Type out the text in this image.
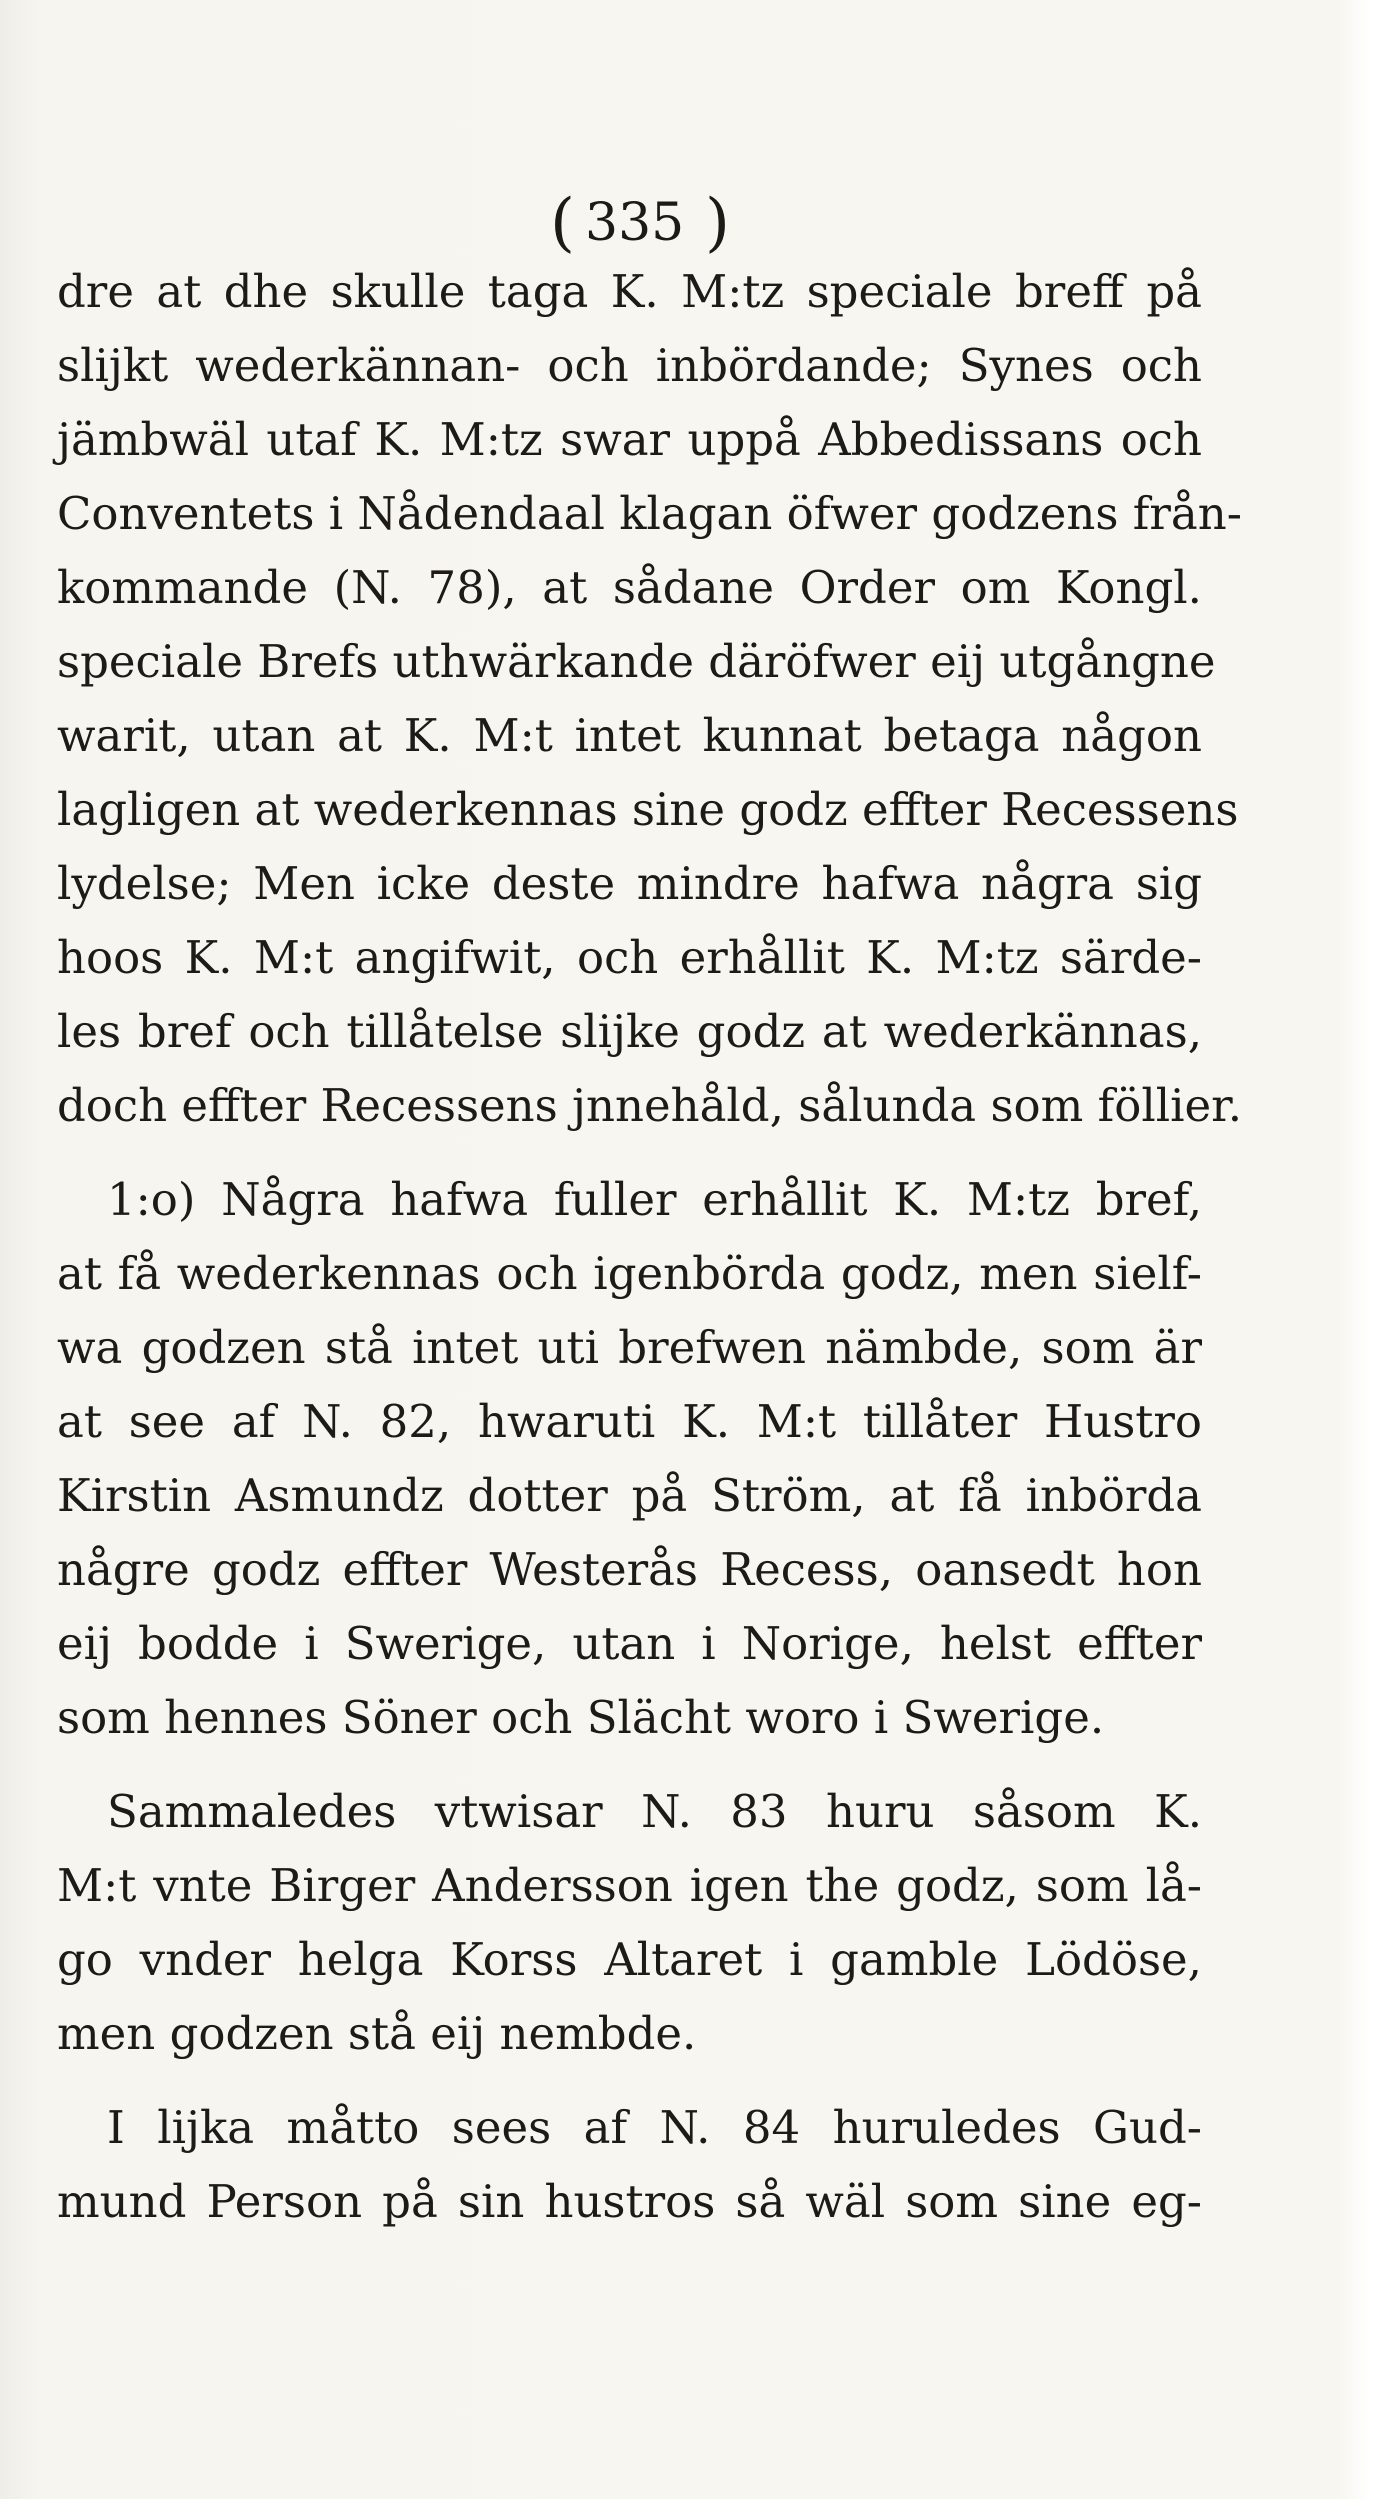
( 335 )
dre at dhe skulle taga K. M:tz speciale breff på
slijkt wederkännan- och inbördande; Synes och
jämbwäl utaf K. M:tz swar uppå Abbedissans och
Conventets i Nådendaal klagan öfwer godzens från-
kommande (N. 78), at sådane Order om Kongl.
speciale Brefs uthwärkande däröfwer eij utgångne
warit, utan at K. M:t intet kunnat betaga någon
lagligen at wederkennas sine godz effter Recessens
lydelse; Men icke deste mindre hafwa några sig
hoos K. M:t angifwit, och erhållit K. M:tz särde-
les bref och tillåtelse slijke godz at wederkännas,
doch effter Recessens jnnehåld, sålunda som föllier.
1:o) Några hafwa fuller erhållit K. M:tz bref,
at få wederkennas och igenbörda godz, men sielf-
wa godzen stå intet uti brefwen nämbde, som är
at see af N. 82, hwaruti K. M:t tillåter Hustro
Kirstin Asmundz dotter på Ström, at få inbörda
någre godz effter Westerås Recess, oansedt hon
eij bodde i Swerige, utan i Norige, helst effter
som hennes Söner och Slächt woro i Swerige.
Sammaledes vtwisar N. 83 huru såsom K.
M:t vnte Birger Andersson igen the godz, som lå-
go vnder helga Korss Altaret i gamble Lödöse,
men godzen stå eij nembde.
I lijka måtto sees af N. 84 huruledes Gud-
mund Person på sin hustros så wäl som sine eg-
